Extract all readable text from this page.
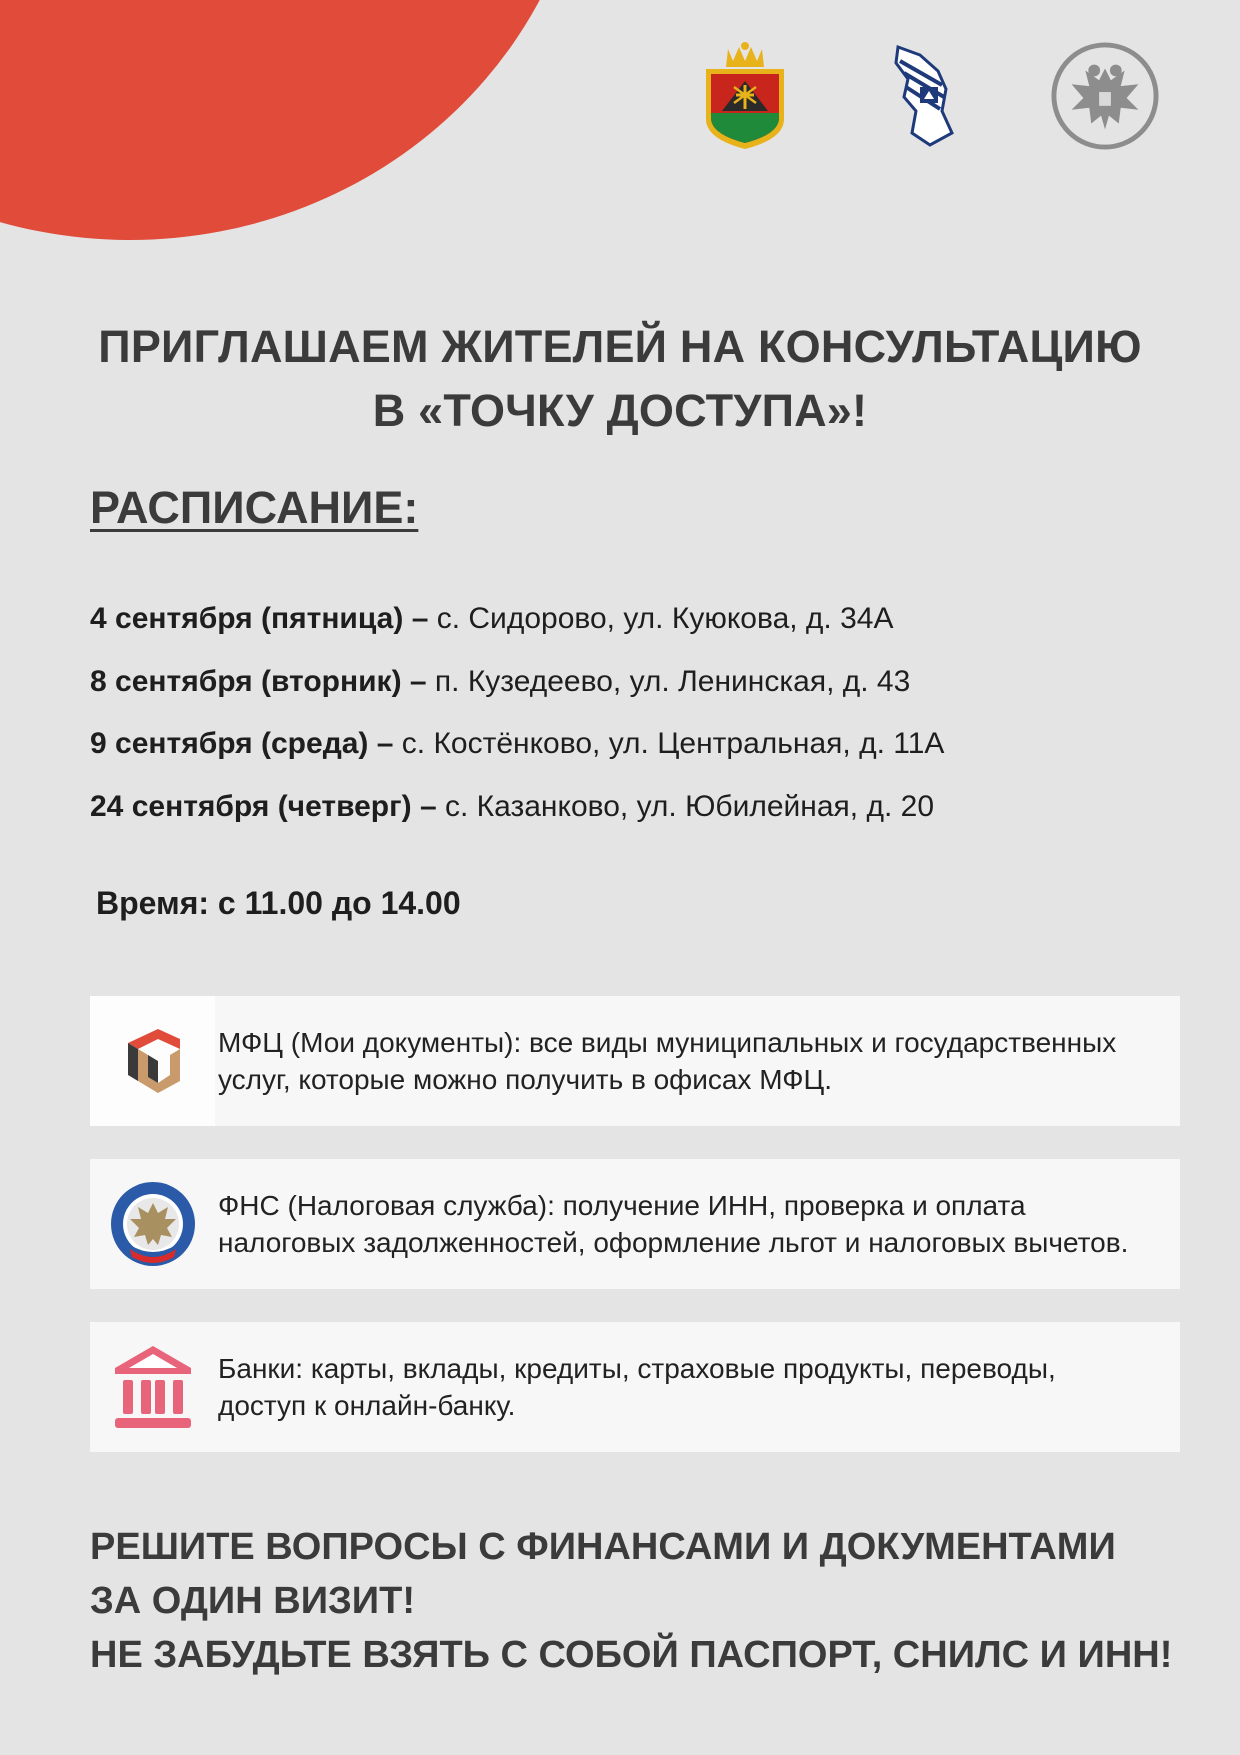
ПРИГЛАШАЕМ ЖИТЕЛЕЙ НА КОНСУЛЬТАЦИЮ
В «ТОЧКУ ДОСТУПА»!
РАСПИСАНИЕ:
4 сентября (пятница) – с. Сидорово, ул. Куюкова, д. 34А
8 сентября (вторник) – п. Кузедеево, ул. Ленинская, д. 43
9 сентября (среда) – с. Костёнково, ул. Центральная, д. 11А
24 сентября (четверг) – с. Казанково, ул. Юбилейная, д. 20
Время: с 11.00 до 14.00
МФЦ (Мои документы): все виды муниципальных и государственных услуг, которые можно получить в офисах МФЦ.
ФНС (Налоговая служба): получение ИНН, проверка и оплата налоговых задолженностей, оформление льгот и налоговых вычетов.
Банки: карты, вклады, кредиты, страховые продукты, переводы, доступ к онлайн-банку.
РЕШИТЕ ВОПРОСЫ С ФИНАНСАМИ И ДОКУМЕНТАМИ
ЗА ОДИН ВИЗИТ!
НЕ ЗАБУДЬТЕ ВЗЯТЬ С СОБОЙ ПАСПОРТ, СНИЛС И ИНН!
